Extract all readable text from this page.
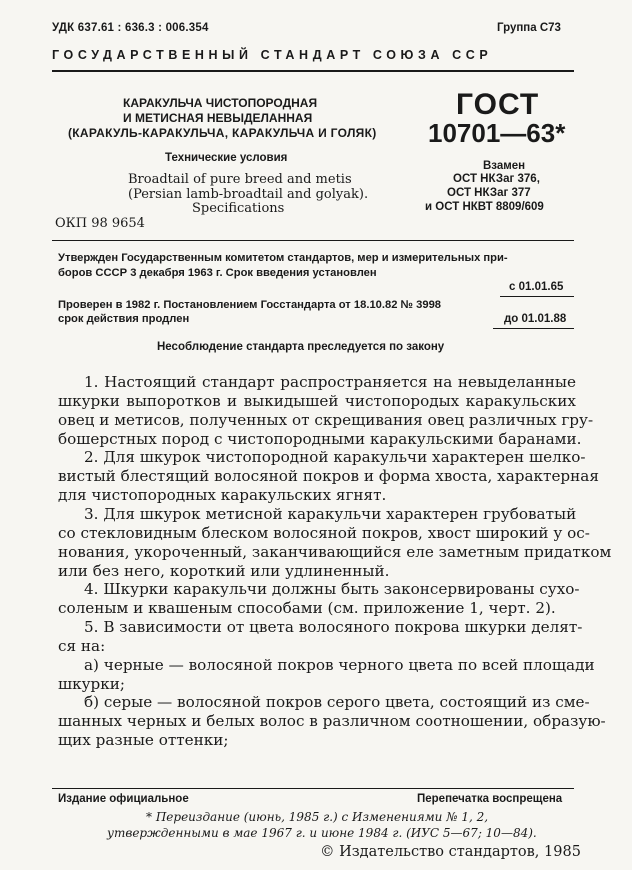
УДК 637.61 : 636.3 : 006.354	Группа С73
ГОСУДАРСТВЕННЫЙ СТАНДАРТ СОЮЗА ССР
КАРАКУЛЬЧА ЧИСТОПОРОДНАЯ
И МЕТИСНАЯ НЕВЫДЕЛАННАЯ
(КАРАКУЛЬ-КАРАКУЛЬЧА, КАРАКУЛЬЧА И ГОЛЯК)
Технические условия
Broadtail of pure breed and metis
(Persian lamb-broadtail and golyak).
Specifications
ОКП 98 9654
ГОСТ
10701—63*
Взамен
ОСТ НКЗаг 376,
ОСТ НКЗаг 377
и ОСТ НКВТ 8809/609
Утвержден Государственным комитетом стандартов, мер и измерительных при-
боров СССР 3 декабря 1963 г. Срок введения установлен
с 01.01.65
Проверен в 1982 г. Постановлением Госстандарта от 18.10.82 № 3998
срок действия продлен	до 01.01.88
Несоблюдение стандарта преследуется по закону
1. Настоящий стандарт распространяется на невыделанные
шкурки выпоротков и выкидышей чистопородых каракульских
овец и метисов, полученных от скрещивания овец различных гру-
бошерстных пород с чистопородными каракульскими баранами.
2. Для шкурок чистопородной каракульчи характерен шелко-
вистый блестящий волосяной покров и форма хвоста, характерная
для чистопородных каракульских ягнят.
3. Для шкурок метисной каракульчи характерен грубоватый
со стекловидным блеском волосяной покров, хвост широкий у ос-
нования, укороченный, заканчивающийся еле заметным придатком
или без него, короткий или удлиненный.
4. Шкурки каракульчи должны быть законсервированы сухо-
соленым и квашеным способами (см. приложение 1, черт. 2).
5. В зависимости от цвета волосяного покрова шкурки делят-
ся на:
а) черные — волосяной покров черного цвета по всей площади
шкурки;
б) серые — волосяной покров серого цвета, состоящий из сме-
шанных черных и белых волос в различном соотношении, образую-
щих разные оттенки;
Издание официальное	Перепечатка воспрещена
* Переиздание (июнь, 1985 г.) с Изменениями № 1, 2,
утвержденными в мае 1967 г. и июне 1984 г. (ИУС 5—67; 10—84).
© Издательство стандартов, 1985
